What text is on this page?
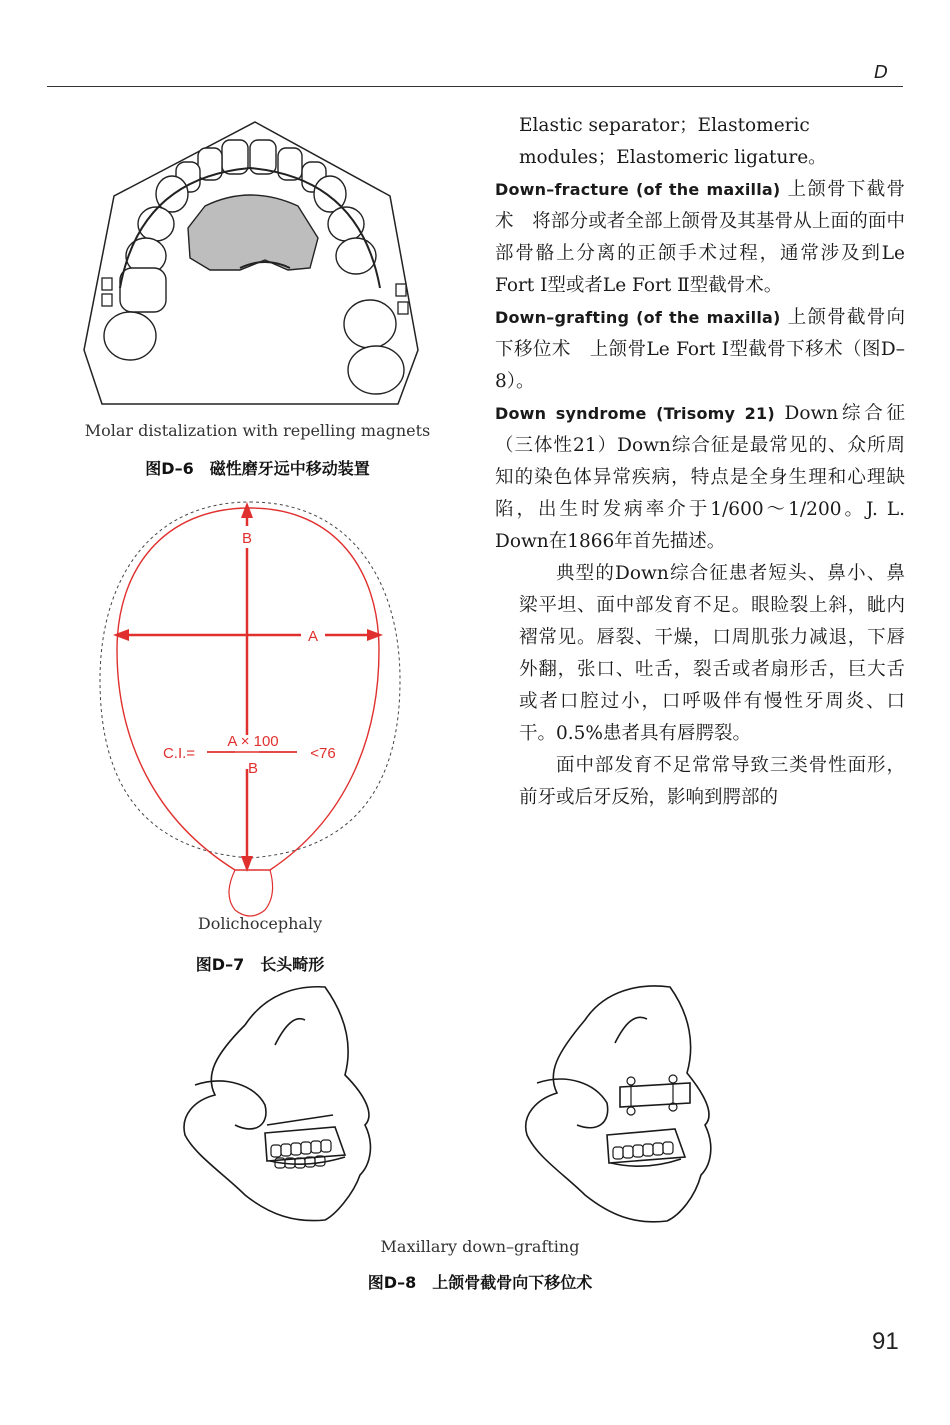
D
Molar distalization with repelling magnets
图D–6　磁性磨牙远中移动装置
B
A
C.I.=
A × 100
B
<76
Dolichocephaly
图D–7　长头畸形
Maxillary down–grafting
图D–8　上颌骨截骨向下移位术

Elastic separator；Elastomeric modules；Elastomeric ligature。

Down–fracture (of the maxilla) 上颌骨下截骨术　将部分或者全部上颌骨及其基骨从上面的面中部骨骼上分离的正颌手术过程，通常涉及到Le Fort Ⅰ型或者Le Fort Ⅱ型截骨术。

Down–grafting (of the maxilla) 上颌骨截骨向下移位术　上颌骨Le Fort Ⅰ型截骨下移术（图D–8）。

Down syndrome (Trisomy 21) Down综合征（三体性21）Down综合征是最常见的、众所周知的染色体异常疾病，特点是全身生理和心理缺陷，出生时发病率介于1/600～1/200。J. L. Down在1866年首先描述。

典型的Down综合征患者短头、鼻小、鼻梁平坦、面中部发育不足。眼睑裂上斜，眦内褶常见。唇裂、干燥，口周肌张力减退，下唇外翻，张口、吐舌，裂舌或者扇形舌，巨大舌或者口腔过小，口呼吸伴有慢性牙周炎、口干。0.5%患者具有唇腭裂。

面中部发育不足常常导致三类骨性面形，前牙或后牙反殆，影响到腭部的

91
